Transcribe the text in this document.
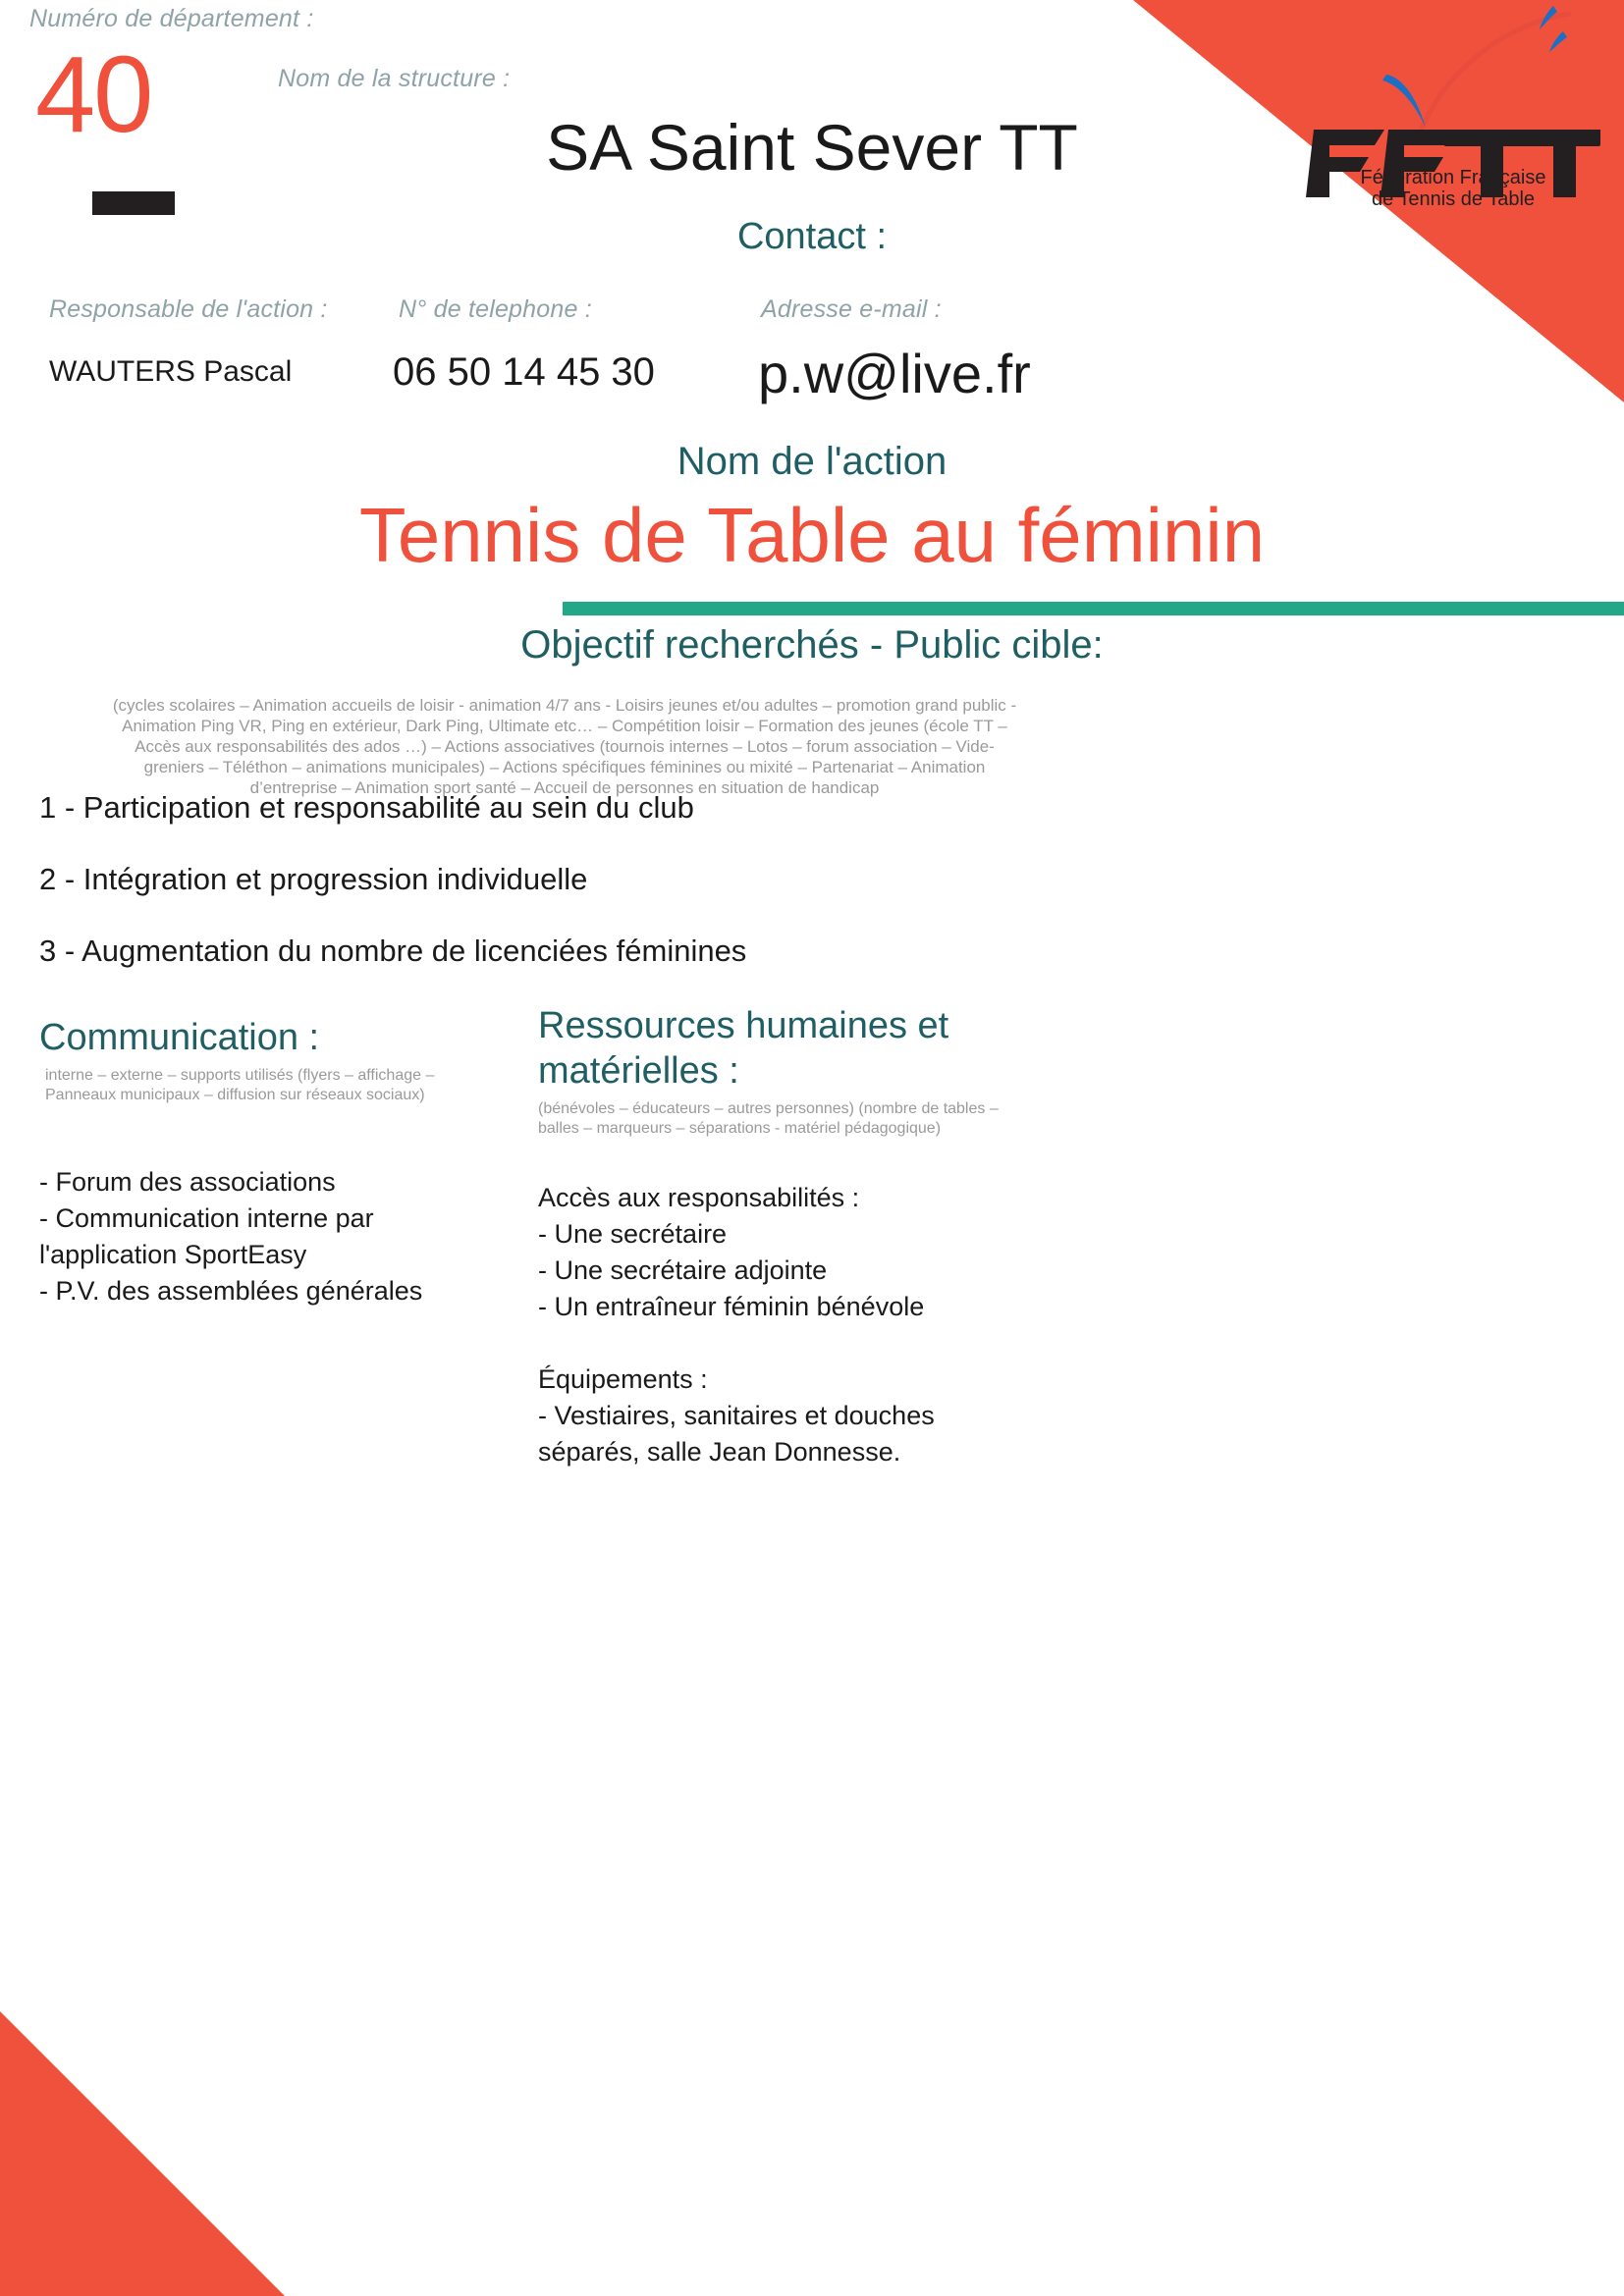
Fédération Française
de Tennis de Table
Numéro de département :
40	Nom de la structure :
SA Saint Sever TT
Contact :
Responsable de l'action :	N° de telephone :	Adresse e-mail :
WAUTERS Pascal	06 50 14 45 30 p.w@live.fr
Nom de l'action
Tennis de Table au féminin
Objectif recherchés - Public cible:
(cycles scolaires – Animation accueils de loisir - animation 4/7 ans - Loisirs jeunes et/ou adultes – promotion grand public - Animation Ping VR, Ping en extérieur, Dark Ping, Ultimate etc… – Compétition loisir – Formation des jeunes (école TT – Accès aux responsabilités des ados …) – Actions associatives (tournois internes – Lotos – forum association – Vide-greniers – Téléthon – animations municipales) – Actions spécifiques féminines ou mixité – Partenariat – Animation d’entreprise – Animation sport santé – Accueil de personnes en situation de handicap
1 - Participation et responsabilité au sein du club
2 - Intégration et progression individuelle
3 - Augmentation du nombre de licenciées féminines
Communication :

interne – externe – supports utilisés (flyers – affichage – Panneaux municipaux – diffusion sur réseaux sociaux)

- Forum des associations
- Communication interne par
l'application SportEasy
- P.V. des assemblées générales
Ressources humaines et matérielles :

(bénévoles – éducateurs – autres personnes) (nombre de tables – balles – marqueurs – séparations - matériel pédagogique)

Accès aux responsabilités :
- Une secrétaire
- Une secrétaire adjointe
- Un entraîneur féminin bénévole
Équipements :
- Vestiaires, sanitaires et douches
séparés, salle Jean Donnesse.
